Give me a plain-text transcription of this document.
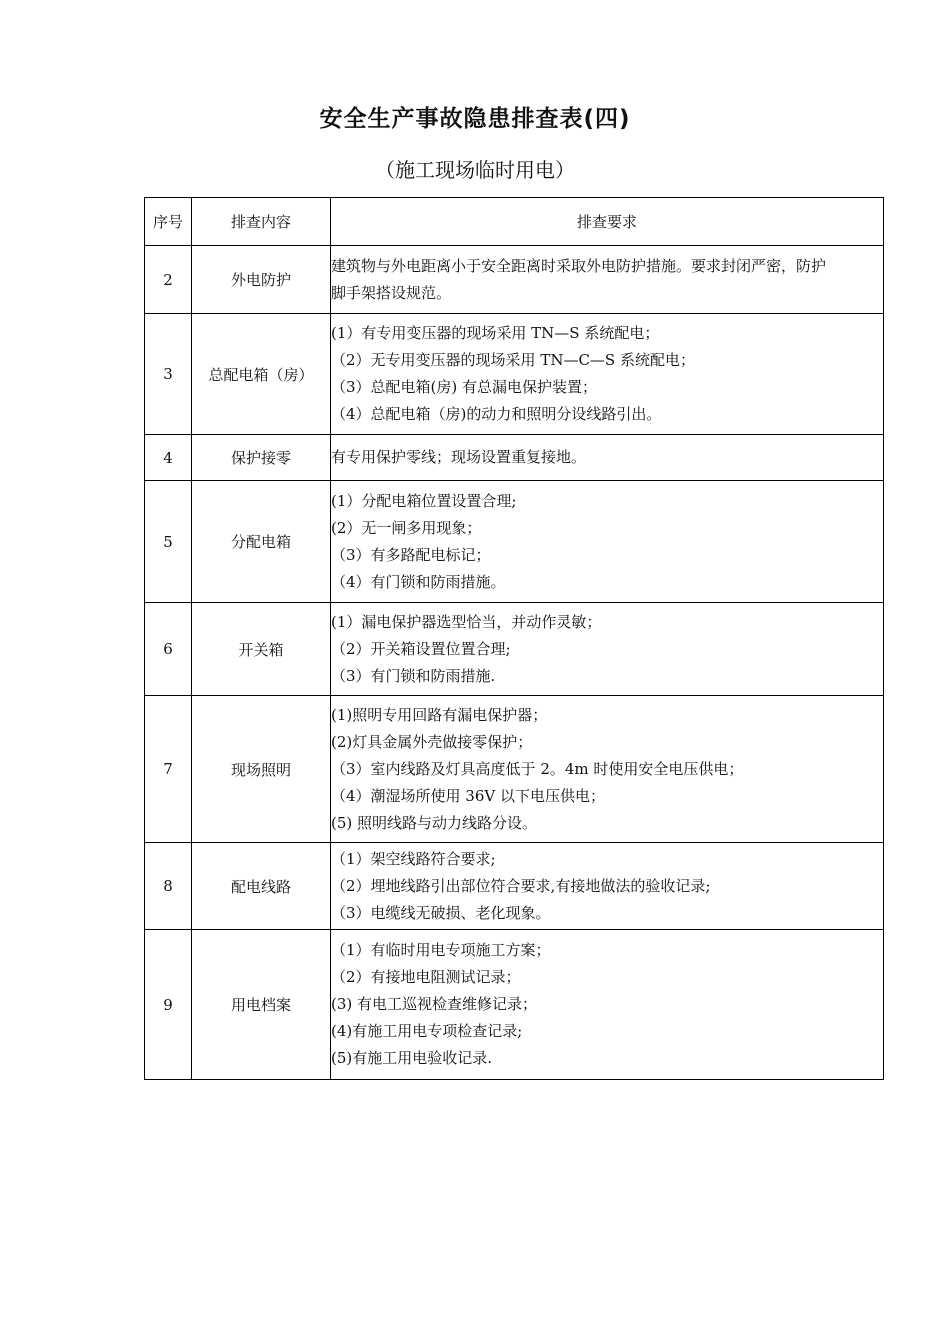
安全生产事故隐患排查表(四)
（施工现场临时用电）
序号	排查内容	排查要求
2	外电防护	建筑物与外电距离小于安全距离时采取外电防护措施。要求封闭严密，防护
脚手架搭设规范。

3	总配电箱（房）	(1）有专用变压器的现场采用 TN—S 系统配电；
（2）无专用变压器的现场采用 TN—C—S 系统配电；
（3）总配电箱(房) 有总漏电保护装置；
（4）总配电箱（房)的动力和照明分设线路引出。

4	保护接零	有专用保护零线；现场设置重复接地。

5	分配电箱	(1）分配电箱位置设置合理;
(2）无一闸多用现象；
（3）有多路配电标记；
（4）有门锁和防雨措施。

6	开关箱	(1）漏电保护器选型恰当，并动作灵敏；
（2）开关箱设置位置合理;
（3）有门锁和防雨措施.

7	现场照明	(1)照明专用回路有漏电保护器；
(2)灯具金属外壳做接零保护；
（3）室内线路及灯具高度低于 2。4m 时使用安全电压供电；
（4）潮湿场所使用 36V 以下电压供电；
(5) 照明线路与动力线路分设。

8	配电线路	（1）架空线路符合要求;
（2）埋地线路引出部位符合要求,有接地做法的验收记录;
（3）电缆线无破损、老化现象。

9	用电档案	（1）有临时用电专项施工方案；
（2）有接地电阻测试记录；
(3) 有电工巡视检查维修记录；
(4)有施工用电专项检查记录;
(5)有施工用电验收记录.
